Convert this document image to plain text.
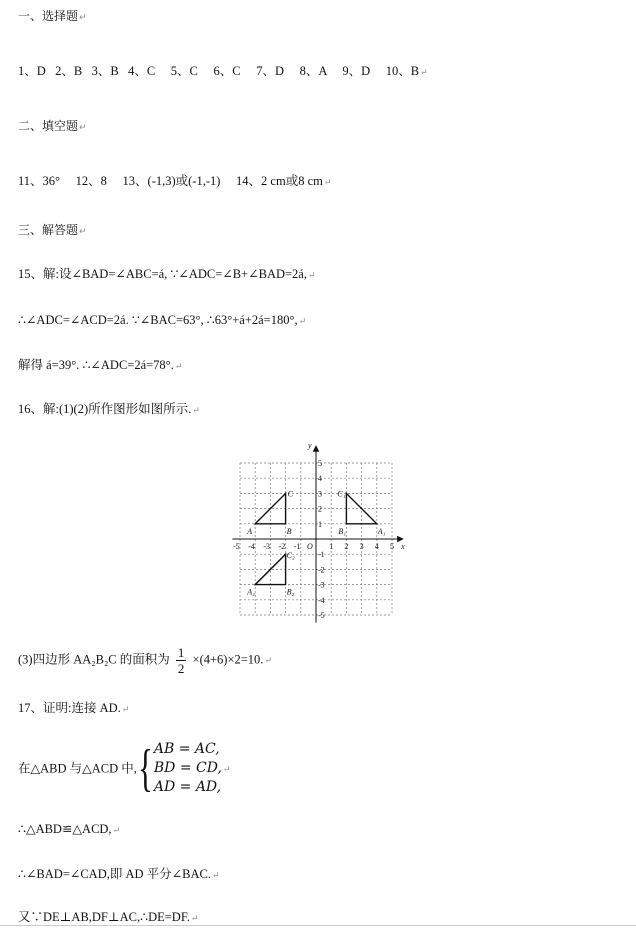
一、选择题↵
1、D   2、B   3、B   4、C     5、C     6、C     7、D     8、A     9、D     10、B↵
二、填空题↵
11、36°     12、8     13、(-1,3)或(-1,-1)     14、2 cm或8 cm↵
三、解答题↵
15、解:设∠BAD=∠ABC=á, ∵∠ADC=∠B+∠BAD=2á,↵
∴∠ADC=∠ACD=2á. ∵∠BAC=63°, ∴63°+á+2á=180°,↵
解得 á=39°. ∴∠ADC=2á=78°.↵
16、解:(1)(2)所作图形如图所示.↵
-5 -4 -3 -2 -1	1 2 3 4 5
5
4
3
2
1
-1
-2
-3
-4
-5
O	x
y
A	B
C
A₁
B₁
C₁
A₂	B₂
C₂
(3)四边形 AA₂B₂C 的面积为 $\frac{1}{2}$ ×(4+6)×2=10.↵
17、证明:连接 AD.↵
在△ABD 与△ACD 中,{ AB = AC,
BD = CD,
AD = AD,
↵
∴△ABD≌△ACD,↵
∴∠BAD=∠CAD,即 AD 平分∠BAC.↵
又∵DE⊥AB,DF⊥AC,∴DE=DF.↵
